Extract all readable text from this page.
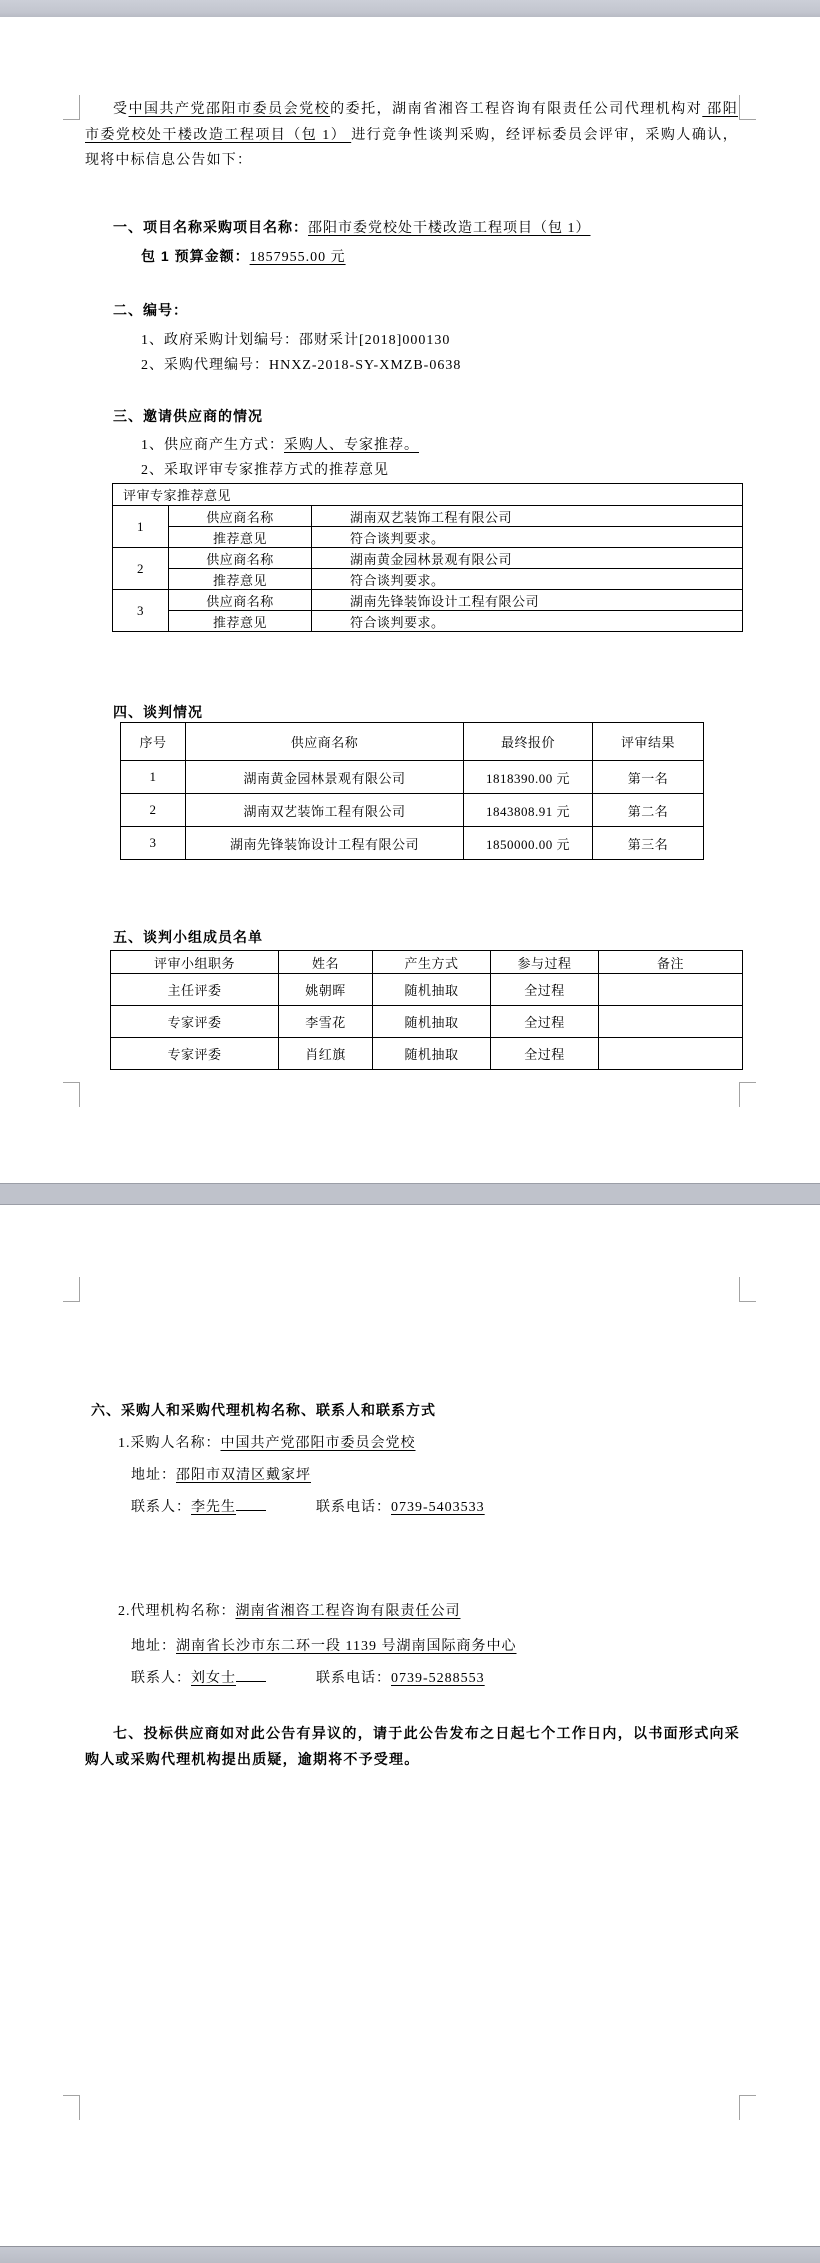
受中国共产党邵阳市委员会党校的委托，湖南省湘咨工程咨询有限责任公司代理机构对 邵阳市委党校处干楼改造工程项目（包 1） 进行竞争性谈判采购，经评标委员会评审，采购人确认，现将中标信息公告如下：
一、项目名称采购项目名称：邵阳市委党校处干楼改造工程项目（包 1）
包 1 预算金额：1857955.00 元
二、编号：
1、政府采购计划编号：邵财采计[2018]000130
2、采购代理编号：HNXZ-2018-SY-XMZB-0638
三、邀请供应商的情况
1、供应商产生方式：采购人、专家推荐。
2、采取评审专家推荐方式的推荐意见
评审专家推荐意见		
1	供应商名称	湖南双艺装饰工程有限公司
	推荐意见	符合谈判要求。
2	供应商名称	湖南黄金园林景观有限公司
	推荐意见	符合谈判要求。
3	供应商名称	湖南先锋装饰设计工程有限公司
	推荐意见	符合谈判要求。
四、谈判情况
序号	供应商名称	最终报价	评审结果
1	湖南黄金园林景观有限公司	1818390.00 元	第一名
2	湖南双艺装饰工程有限公司	1843808.91 元	第二名
3	湖南先锋装饰设计工程有限公司	1850000.00 元	第三名
五、谈判小组成员名单
评审小组职务	姓名	产生方式	参与过程	备注
主任评委	姚朝晖	随机抽取	全过程	
专家评委	李雪花	随机抽取	全过程	
专家评委	肖红旗	随机抽取	全过程	
六、采购人和采购代理机构名称、联系人和联系方式
1.采购人名称：中国共产党邵阳市委员会党校
地址：邵阳市双清区戴家坪
联系人：李先生	联系电话：0739-5403533
2.代理机构名称：湖南省湘咨工程咨询有限责任公司
地址：湖南省长沙市东二环一段 1139 号湖南国际商务中心
联系人：刘女士	联系电话：0739-5288553
七、投标供应商如对此公告有异议的，请于此公告发布之日起七个工作日内，以书面形式向采购人或采购代理机构提出质疑，逾期将不予受理。
